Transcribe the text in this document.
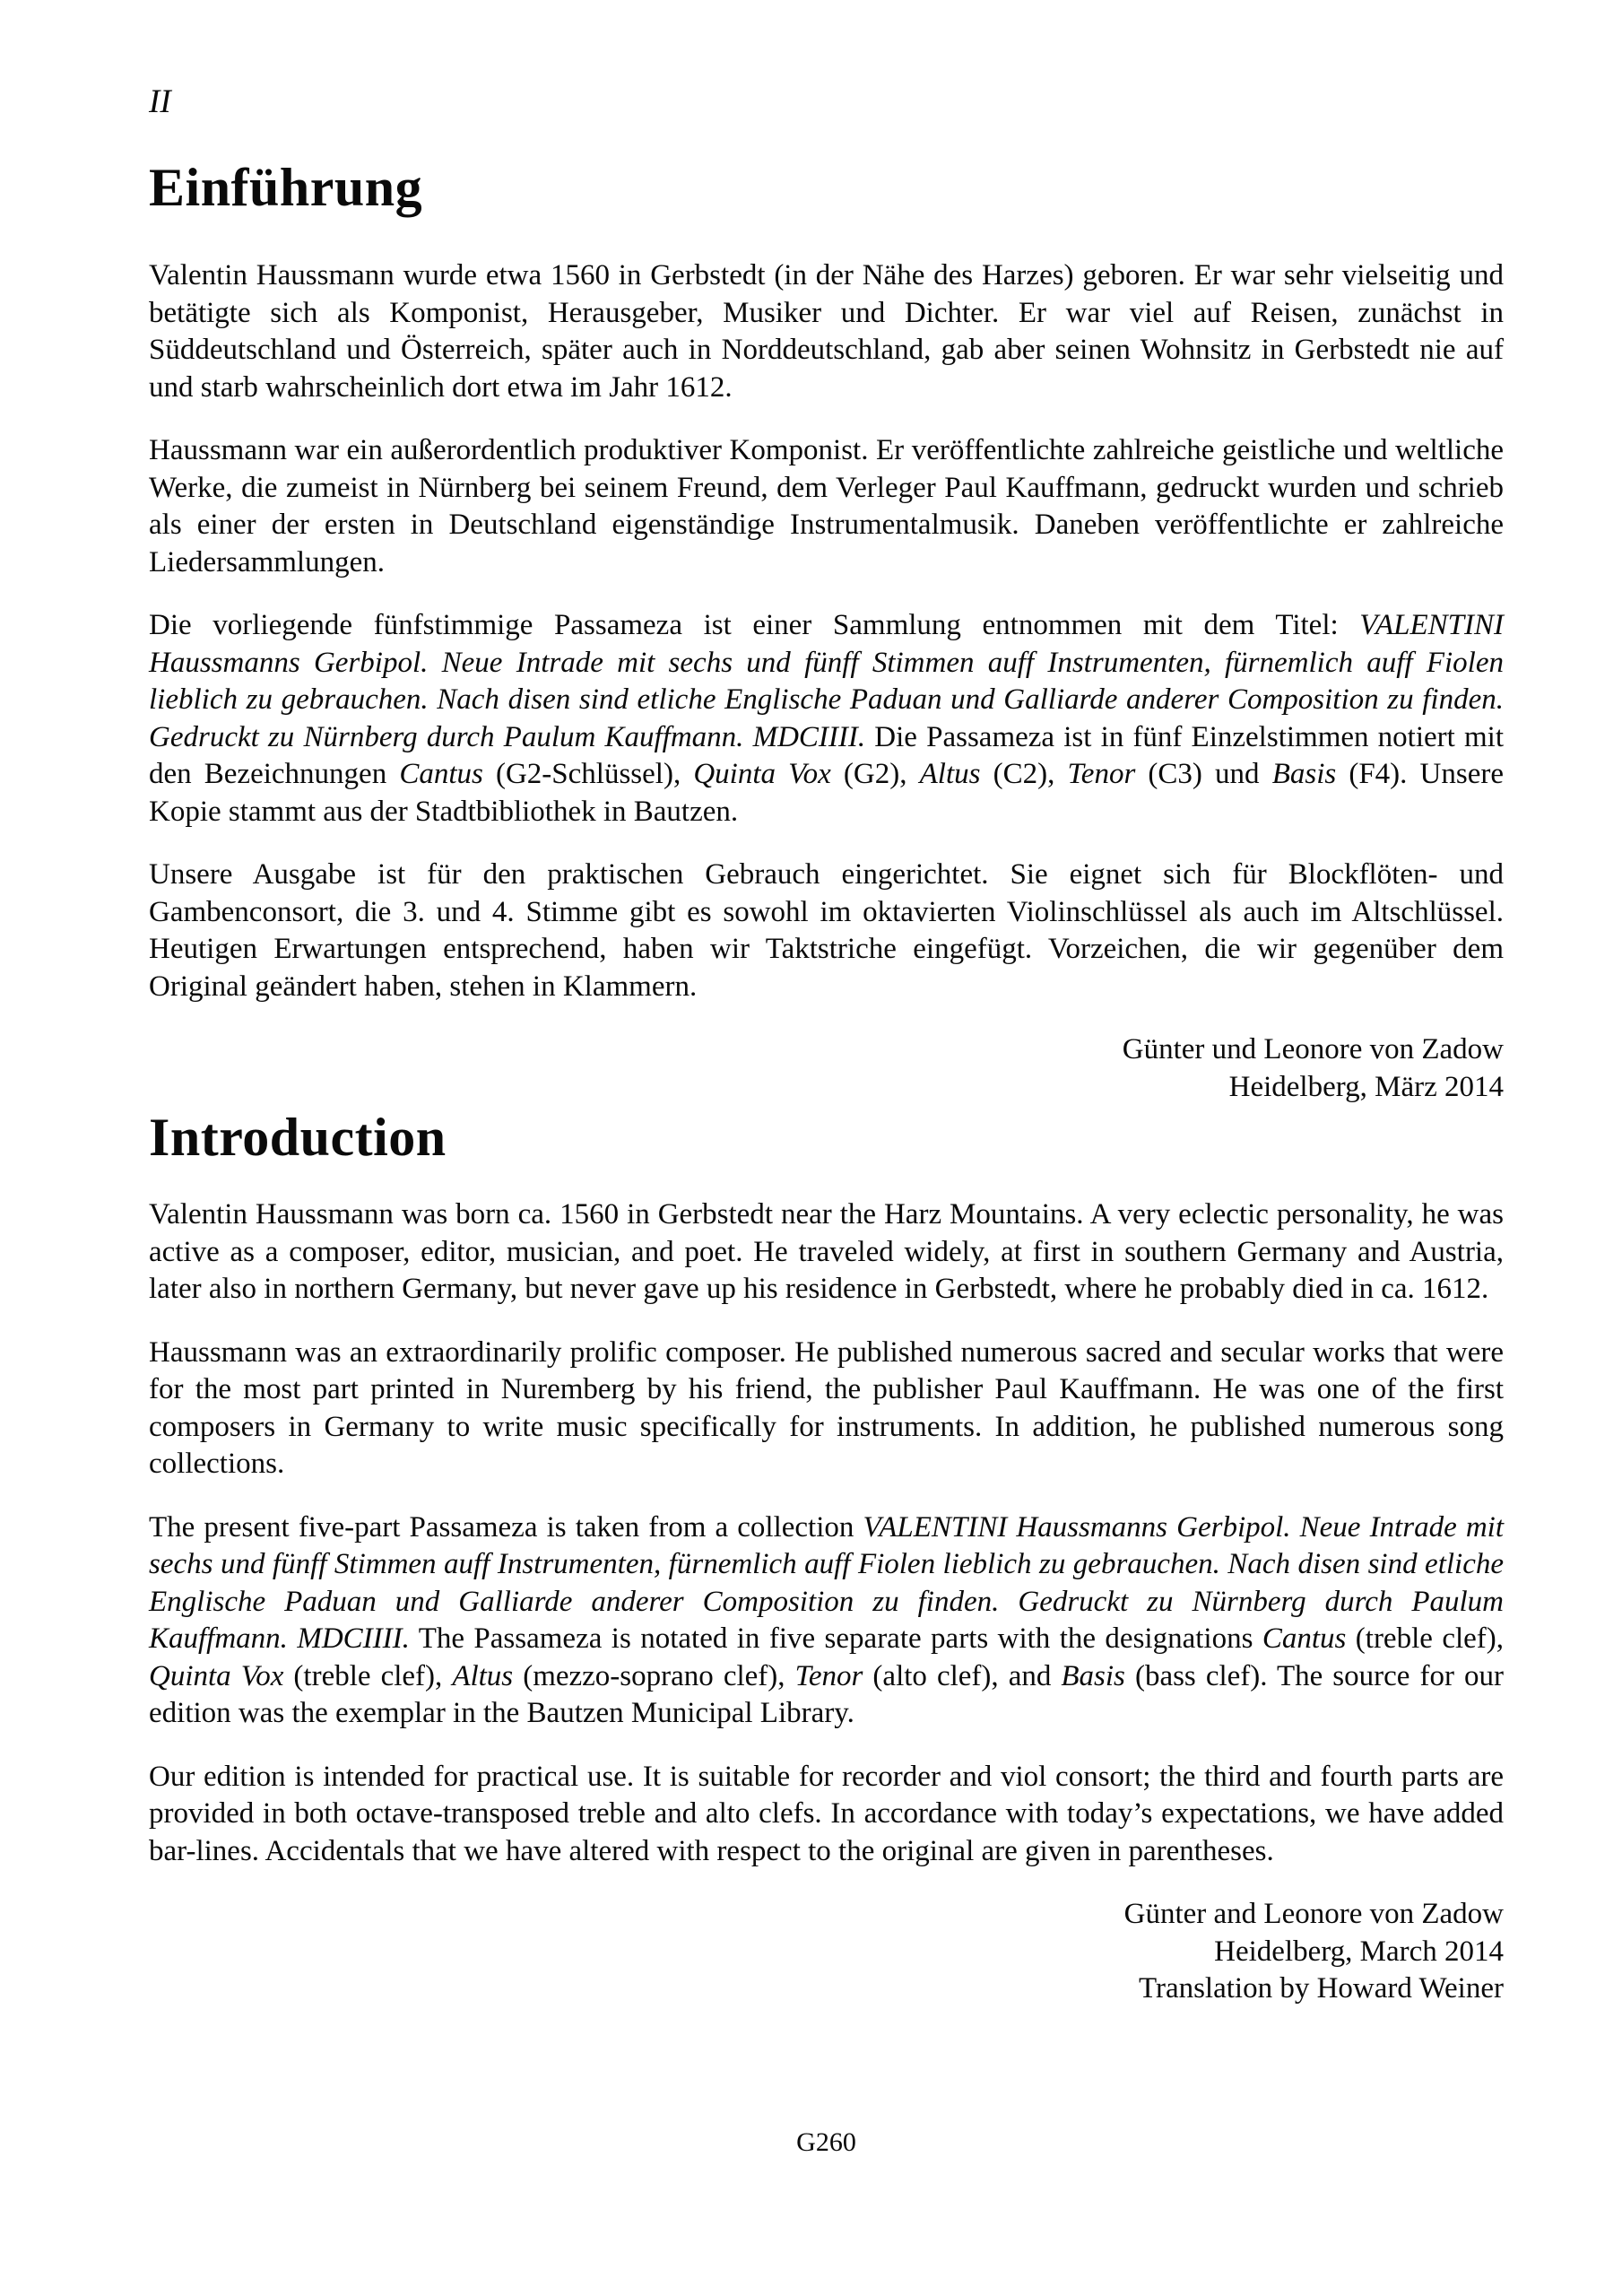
II
Einführung

Valentin Haussmann wurde etwa 1560 in Gerbstedt (in der Nähe des Harzes) geboren. Er war sehr vielseitig und betätigte sich als Komponist, Herausgeber, Musiker und Dichter. Er war viel auf Reisen, zunächst in Süddeutschland und Österreich, später auch in Norddeutschland, gab aber seinen Wohnsitz in Gerbstedt nie auf und starb wahrscheinlich dort etwa im Jahr 1612.

Haussmann war ein außerordentlich produktiver Komponist. Er veröffentlichte zahlreiche geistliche und weltliche Werke, die zumeist in Nürnberg bei seinem Freund, dem Verleger Paul Kauffmann, gedruckt wurden und schrieb als einer der ersten in Deutschland eigenständige Instrumentalmusik. Daneben veröffentlichte er zahlreiche Liedersammlungen.

Die vorliegende fünfstimmige Passameza ist einer Sammlung entnommen mit dem Titel: VALENTINI Haussmanns Gerbipol. Neue Intrade mit sechs und fünff Stimmen auff Instrumenten, fürnemlich auff Fiolen lieblich zu gebrauchen. Nach disen sind etliche Englische Paduan und Galliarde anderer Composition zu finden. Gedruckt zu Nürnberg durch Paulum Kauffmann. MDCIIII. Die Passameza ist in fünf Einzelstimmen notiert mit den Bezeichnungen Cantus (G2-Schlüssel), Quinta Vox (G2), Altus (C2), Tenor (C3) und Basis (F4). Unsere Kopie stammt aus der Stadtbibliothek in Bautzen.

Unsere Ausgabe ist für den praktischen Gebrauch eingerichtet. Sie eignet sich für Blockflöten- und Gambenconsort, die 3. und 4. Stimme gibt es sowohl im oktavierten Violinschlüssel als auch im Altschlüssel. Heutigen Erwartungen entsprechend, haben wir Taktstriche eingefügt. Vorzeichen, die wir gegenüber dem Original geändert haben, stehen in Klammern.

Günter und Leonore von Zadow
Heidelberg, März 2014
Introduction

Valentin Haussmann was born ca. 1560 in Gerbstedt near the Harz Mountains. A very eclectic personality, he was active as a composer, editor, musician, and poet. He traveled widely, at first in southern Germany and Austria, later also in northern Germany, but never gave up his residence in Gerbstedt, where he probably died in ca. 1612.

Haussmann was an extraordinarily prolific composer. He published numerous sacred and secular works that were for the most part printed in Nuremberg by his friend, the publisher Paul Kauffmann. He was one of the first composers in Germany to write music specifically for instruments. In addition, he published numerous song collections.

The present five-part Passameza is taken from a collection VALENTINI Haussmanns Gerbipol. Neue Intrade mit sechs und fünff Stimmen auff Instrumenten, fürnemlich auff Fiolen lieblich zu gebrauchen. Nach disen sind etliche Englische Paduan und Galliarde anderer Composition zu finden. Gedruckt zu Nürnberg durch Paulum Kauffmann. MDCIIII. The Passameza is notated in five separate parts with the designations Cantus (treble clef), Quinta Vox (treble clef), Altus (mezzo-soprano clef), Tenor (alto clef), and Basis (bass clef). The source for our edition was the exemplar in the Bautzen Municipal Library.

Our edition is intended for practical use. It is suitable for recorder and viol consort; the third and fourth parts are provided in both octave-transposed treble and alto clefs. In accordance with today’s expectations, we have added bar-lines. Accidentals that we have altered with respect to the original are given in parentheses.

Günter and Leonore von Zadow
Heidelberg, March 2014
Translation by Howard Weiner
G260
